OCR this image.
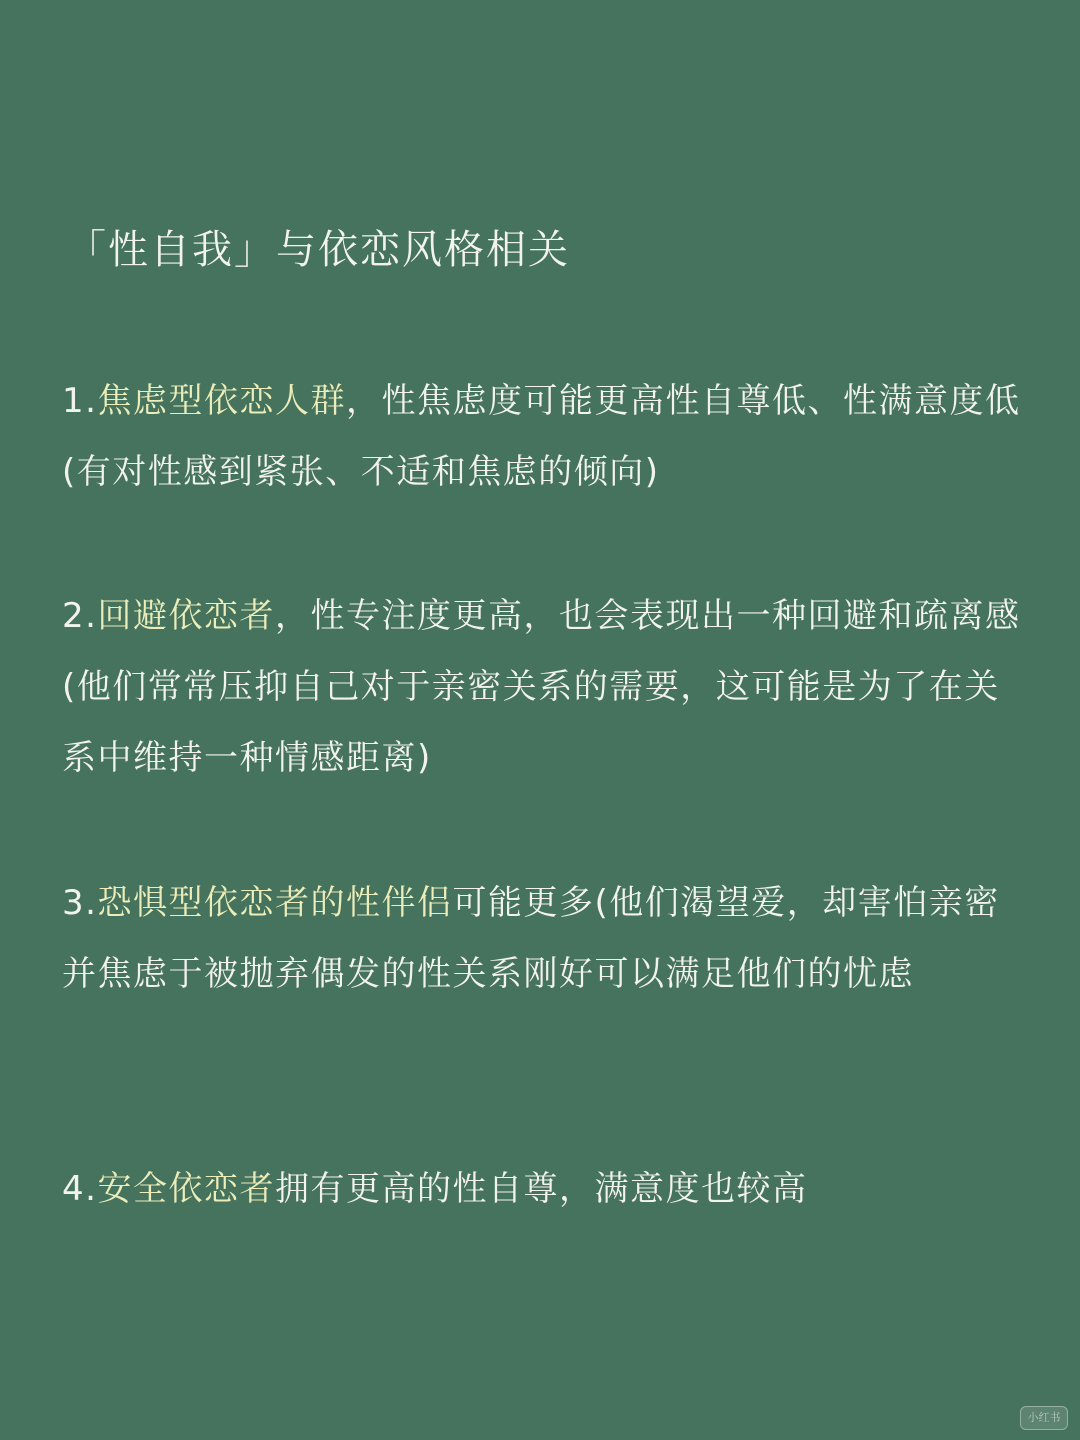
「性自我」与依恋风格相关
1.焦虑型依恋人群，性焦虑度可能更高性自尊低、性满意度低(有对性感到紧张、不适和焦虑的倾向)
2.回避依恋者，性专注度更高，也会表现出一种回避和疏离感(他们常常压抑自己对于亲密关系的需要，这可能是为了在关系中维持一种情感距离)
3.恐惧型依恋者的性伴侣可能更多(他们渴望爱，却害怕亲密并焦虑于被抛弃偶发的性关系刚好可以满足他们的忧虑
4.安全依恋者拥有更高的性自尊，满意度也较高
小红书
